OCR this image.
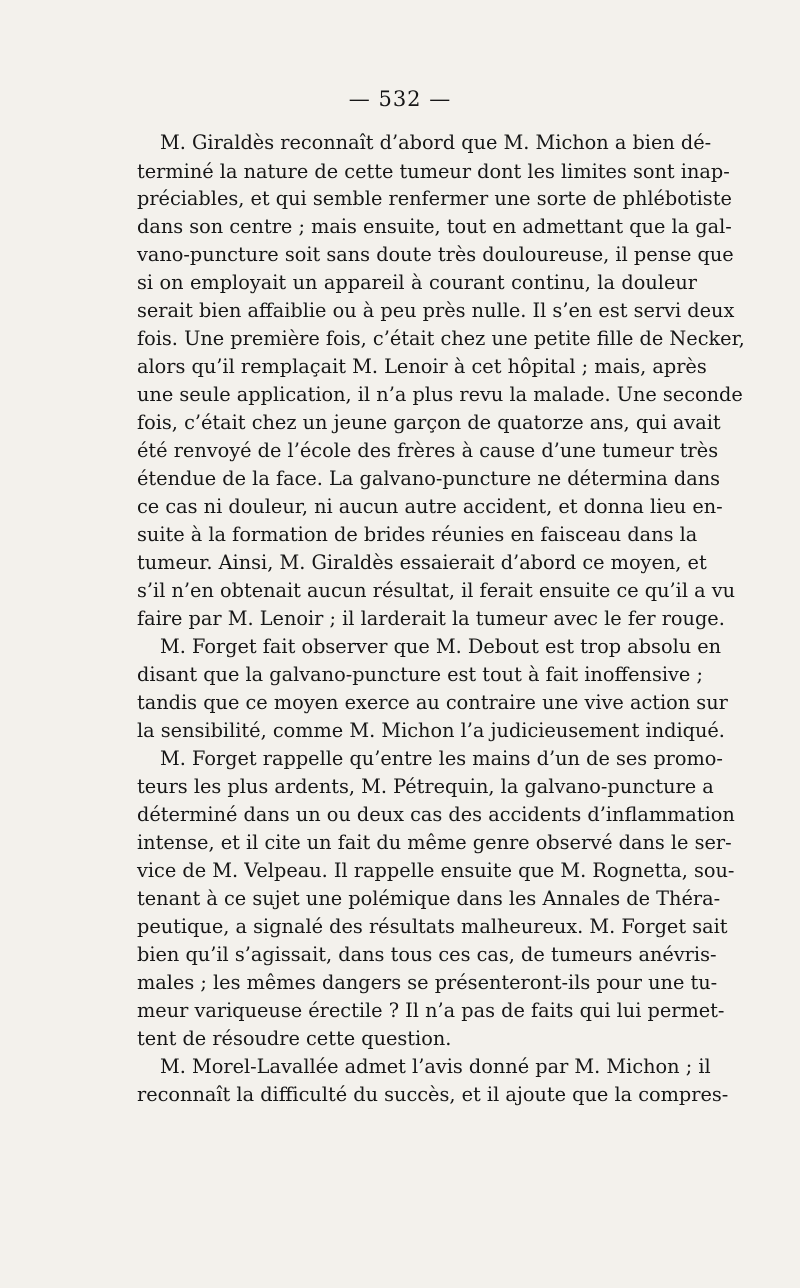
— 532 —
M. Giraldès reconnaît d’abord que M. Michon a bien dé-
terminé la nature de cette tumeur dont les limites sont inap-
préciables, et qui semble renfermer une sorte de phlébotiste
dans son centre ; mais ensuite, tout en admettant que la gal-
vano-puncture soit sans doute très douloureuse, il pense que
si on employait un appareil à courant continu, la douleur
serait bien affaiblie ou à peu près nulle. Il s’en est servi deux
fois. Une première fois, c’était chez une petite fille de Necker,
alors qu’il remplaçait M. Lenoir à cet hôpital ; mais, après
une seule application, il n’a plus revu la malade. Une seconde
fois, c’était chez un jeune garçon de quatorze ans, qui avait
été renvoyé de l’école des frères à cause d’une tumeur très
étendue de la face. La galvano-puncture ne détermina dans
ce cas ni douleur, ni aucun autre accident, et donna lieu en-
suite à la formation de brides réunies en faisceau dans la
tumeur. Ainsi, M. Giraldès essaierait d’abord ce moyen, et
s’il n’en obtenait aucun résultat, il ferait ensuite ce qu’il a vu
faire par M. Lenoir ; il larderait la tumeur avec le fer rouge.
M. Forget fait observer que M. Debout est trop absolu en
disant que la galvano-puncture est tout à fait inoffensive ;
tandis que ce moyen exerce au contraire une vive action sur
la sensibilité, comme M. Michon l’a judicieusement indiqué.
M. Forget rappelle qu’entre les mains d’un de ses promo-
teurs les plus ardents, M. Pétrequin, la galvano-puncture a
déterminé dans un ou deux cas des accidents d’inflammation
intense, et il cite un fait du même genre observé dans le ser-
vice de M. Velpeau. Il rappelle ensuite que M. Rognetta, sou-
tenant à ce sujet une polémique dans les Annales de Théra-
peutique, a signalé des résultats malheureux. M. Forget sait
bien qu’il s’agissait, dans tous ces cas, de tumeurs anévris-
males ; les mêmes dangers se présenteront-ils pour une tu-
meur variqueuse érectile ? Il n’a pas de faits qui lui permet-
tent de résoudre cette question.
M. Morel-Lavallée admet l’avis donné par M. Michon ; il
reconnaît la difficulté du succès, et il ajoute que la compres-
